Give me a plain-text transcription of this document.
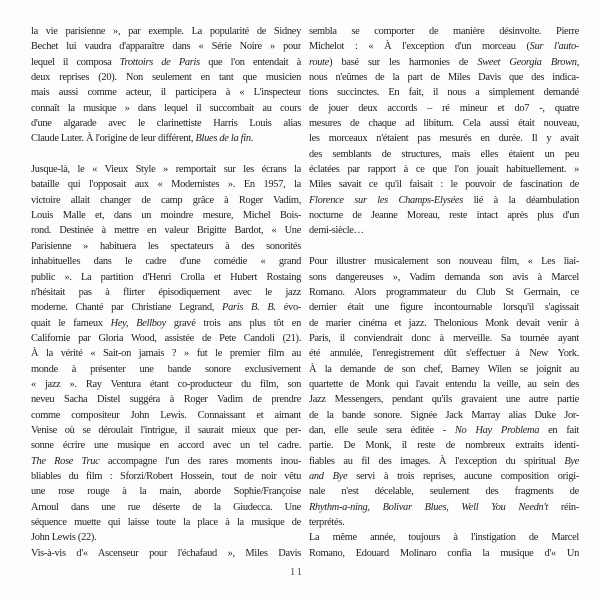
la vie parisienne », par exemple. La popularité de Sidney
Bechet lui vaudra d'apparaître dans « Série Noire » pour
lequel il composa Trottoirs de Paris que l'on entendait à
deux reprises (20). Non seulement en tant que musicien
mais aussi comme acteur, il participera à « L'inspecteur
connaît la musique » dans lequel il succombait au cours
d'une algarade avec le clarinettiste Harris Louis alias
Claude Luter. À l'origine de leur différent, Blues de la fin.
Jusque-là, le « Vieux Style » remportait sur les écrans la
bataille qui l'opposait aux « Modernistes ». En 1957, la
victoire allait changer de camp grâce à Roger Vadim,
Louis Malle et, dans un moindre mesure, Michel Bois-
rond. Destinée à mettre en valeur Brigitte Bardot, « Une
Parisienne » habituera les spectateurs à des sonorités
inhabituelles dans le cadre d'une comédie « grand
public ». La partition d'Henri Crolla et Hubert Rostaing
n'hésitait pas à flirter épisodiquement avec le jazz
moderne. Chanté par Christiane Legrand, Paris B. B. évo-
quait le fameux Hey, Bellboy gravé trois ans plus tôt en
Californie par Gloria Wood, assistée de Pete Candoli (21).
À la vérité « Sait-on jamais ? » fut le premier film au
monde à présenter une bande sonore exclusivement
« jazz ». Ray Ventura étant co-producteur du film, son
neveu Sacha Distel suggéra à Roger Vadim de prendre
comme compositeur John Lewis. Connaissant et aimant
Venise où se déroulait l'intrigue, il saurait mieux que per-
sonne écrire une musique en accord avec un tel cadre.
The Rose Truc accompagne l'un des rares moments inou-
bliables du film : Sforzi/Robert Hossein, tout de noir vêtu
une rose rouge à la main, aborde Sophie/Françoise
Arnoul dans une rue déserte de la Giudecca. Une
séquence muette qui laisse toute la place à la musique de
John Lewis (22).
Vis-à-vis d'« Ascenseur pour l'échafaud », Miles Davis
sembla se comporter de manière désinvolte. Pierre
Michelot : « À l'exception d'un morceau (Sur l'auto-
route) basé sur les harmonies de Sweet Georgia Brown,
nous n'eûmes de la part de Miles Davis que des indica-
tions succinctes. En fait, il nous a simplement demandé
de jouer deux accords – ré mineur et do7 -, quatre
mesures de chaque ad libitum. Cela aussi était nouveau,
les morceaux n'étaient pas mesurés en durée. Il y avait
des semblants de structures, mais elles étaient un peu
éclatées par rapport à ce que l'on jouait habituellement. »
Miles savait ce qu'il faisait : le pouvoir de fascination de
Florence sur les Champs-Elysées lié à la déambulation
nocturne de Jeanne Moreau, reste intact après plus d'un
demi-siècle…
Pour illustrer musicalement son nouveau film, « Les liai-
sons dangereuses », Vadim demanda son avis à Marcel
Romano. Alors programmateur du Club St Germain, ce
dernier était une figure incontournable lorsqu'il s'agissait
de marier cinéma et jazz. Thelonious Monk devait venir à
Paris, il conviendrait donc à merveille. Sa tournée ayant
été annulée, l'enregistrement dût s'effectuer à New York.
À la demande de son chef, Barney Wilen se joignit au
quartette de Monk qui l'avait entendu la veille, au sein des
Jazz Messengers, pendant qu'ils gravaient une autre partie
de la bande sonore. Signée Jack Marray alias Duke Jor-
dan, elle seule sera éditée - No Hay Problema en fait
partie. De Monk, il reste de nombreux extraits identi-
fiables au fil des images. À l'exception du spiritual Bye
and Bye servi à trois reprises, aucune composition origi-
nale n'est décelable, seulement des fragments de
Rhythm-a-ning, Bolivar Blues, Well You Needn't réin-
terprétés.
La même année, toujours à l'instigation de Marcel
Romano, Edouard Molinaro confia la musique d'« Un
11
